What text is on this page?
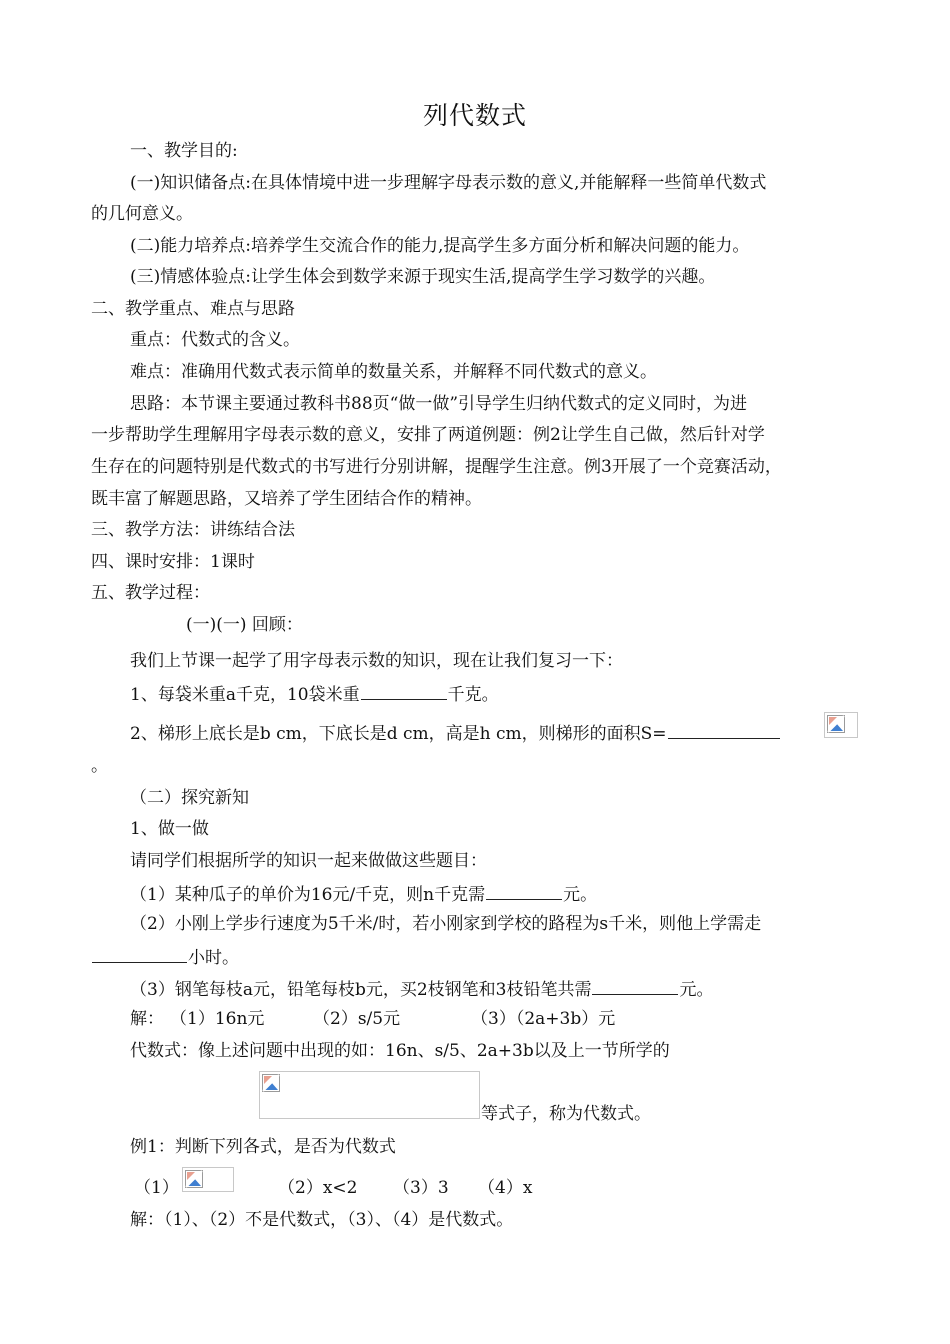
列代数式
一、教学目的:
(一)知识储备点:在具体情境中进一步理解字母表示数的意义,并能解释一些简单代数式
的几何意义。
(二)能力培养点:培养学生交流合作的能力,提高学生多方面分析和解决问题的能力。
(三)情感体验点:让学生体会到数学来源于现实生活,提高学生学习数学的兴趣。
二、教学重点、难点与思路
重点：代数式的含义。
难点：准确用代数式表示简单的数量关系，并解释不同代数式的意义。
思路：本节课主要通过教科书88页“做一做”引导学生归纳代数式的定义同时，为进
一步帮助学生理解用字母表示数的意义，安排了两道例题：例2让学生自己做，然后针对学
生存在的问题特别是代数式的书写进行分别讲解，提醒学生注意。例3开展了一个竞赛活动，
既丰富了解题思路，又培养了学生团结合作的精神。
三、教学方法：讲练结合法
四、课时安排：1课时
五、教学过程：
(一)(一) 回顾：
我们上节课一起学了用字母表示数的知识，现在让我们复习一下：
1、每袋米重a千克，10袋米重	千克。
2、梯形上底长是b cm，下底长是d cm，高是h cm，则梯形的面积S=
。
（二）探究新知
1、做一做
请同学们根据所学的知识一起来做做这些题目：
（1）某种瓜子的单价为16元/千克，则n千克需	元。
（2）小刚上学步行速度为5千米/时，若小刚家到学校的路程为s千米，则他上学需走
小时。
（3）钢笔每枝a元，铅笔每枝b元，买2枝钢笔和3枝铅笔共需	元。
解： （1）16n元	（2）s/5元	（3）（2a+3b）元
代数式：像上述问题中出现的如：16n、s/5、2a+3b以及上一节所学的
等式子，称为代数式。
例1：判断下列各式，是否为代数式
（1）	（2）x<2 （3）3 （4）x
解：（1）、（2）不是代数式，（3）、（4）是代数式。
